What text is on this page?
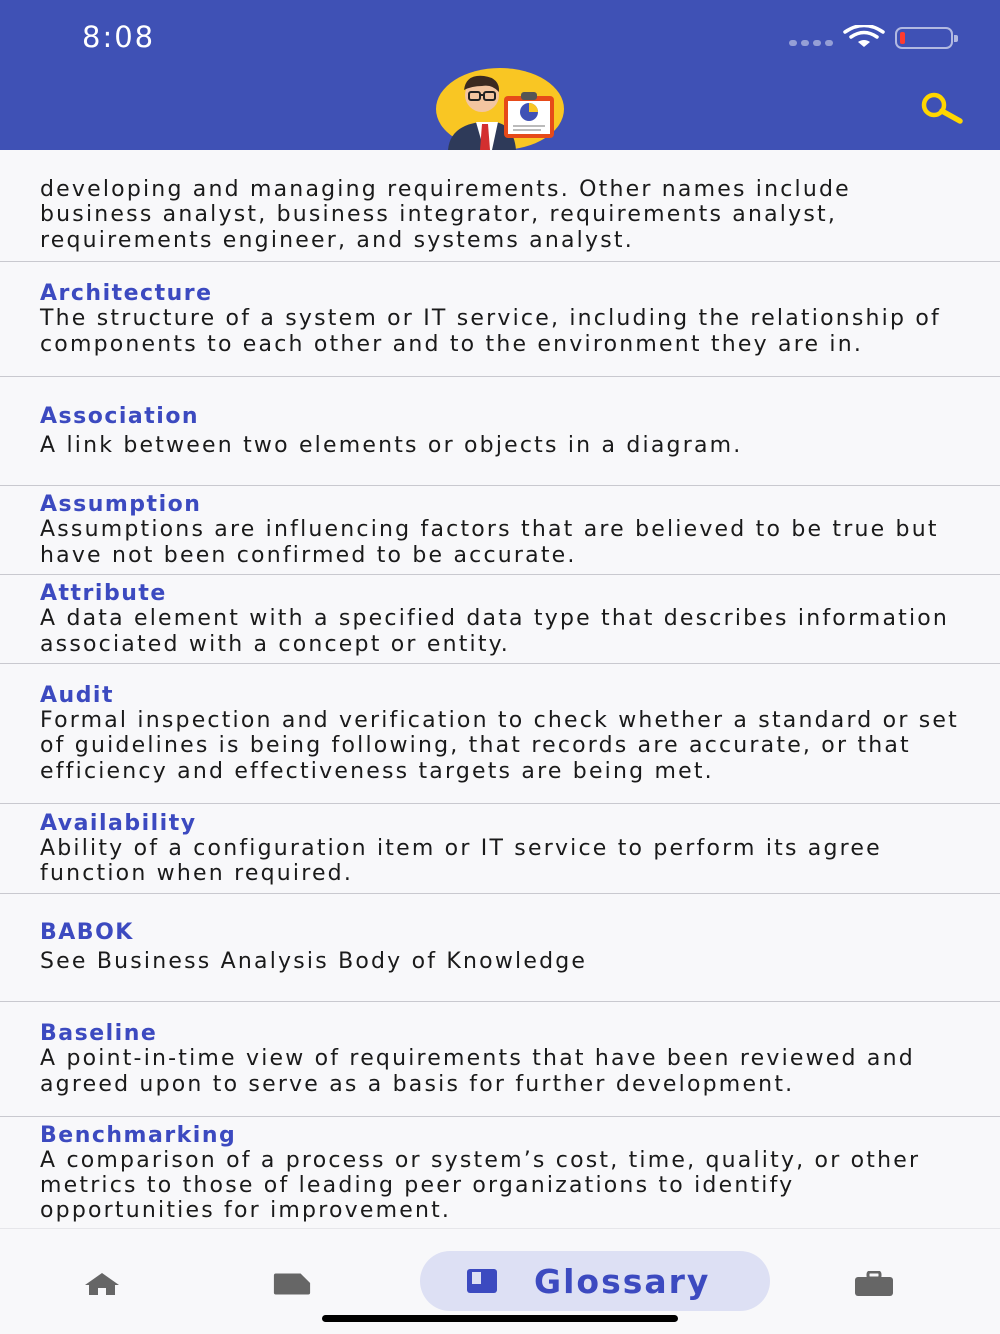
8:08
developing and managing requirements. Other names include business analyst, business integrator, requirements analyst, requirements engineer, and systems analyst.
Architecture
The structure of a system or IT service, including the relationship of components to each other and to the environment they are in.
Association
A link between two elements or objects in a diagram.
Assumption
Assumptions are influencing factors that are believed to be true but have not been confirmed to be accurate.
Attribute
A data element with a specified data type that describes information associated with a concept or entity.
Audit
Formal inspection and verification to check whether a standard or set of guidelines is being following, that records are accurate, or that efficiency and effectiveness targets are being met.
Availability
Ability of a configuration item or IT service to perform its agree function when required.
BABOK
See Business Analysis Body of Knowledge
Baseline
A point-in-time view of requirements that have been reviewed and agreed upon to serve as a basis for further development.
Benchmarking
A comparison of a process or system’s cost, time, quality, or other metrics to those of leading peer organizations to identify opportunities for improvement.
Glossary
